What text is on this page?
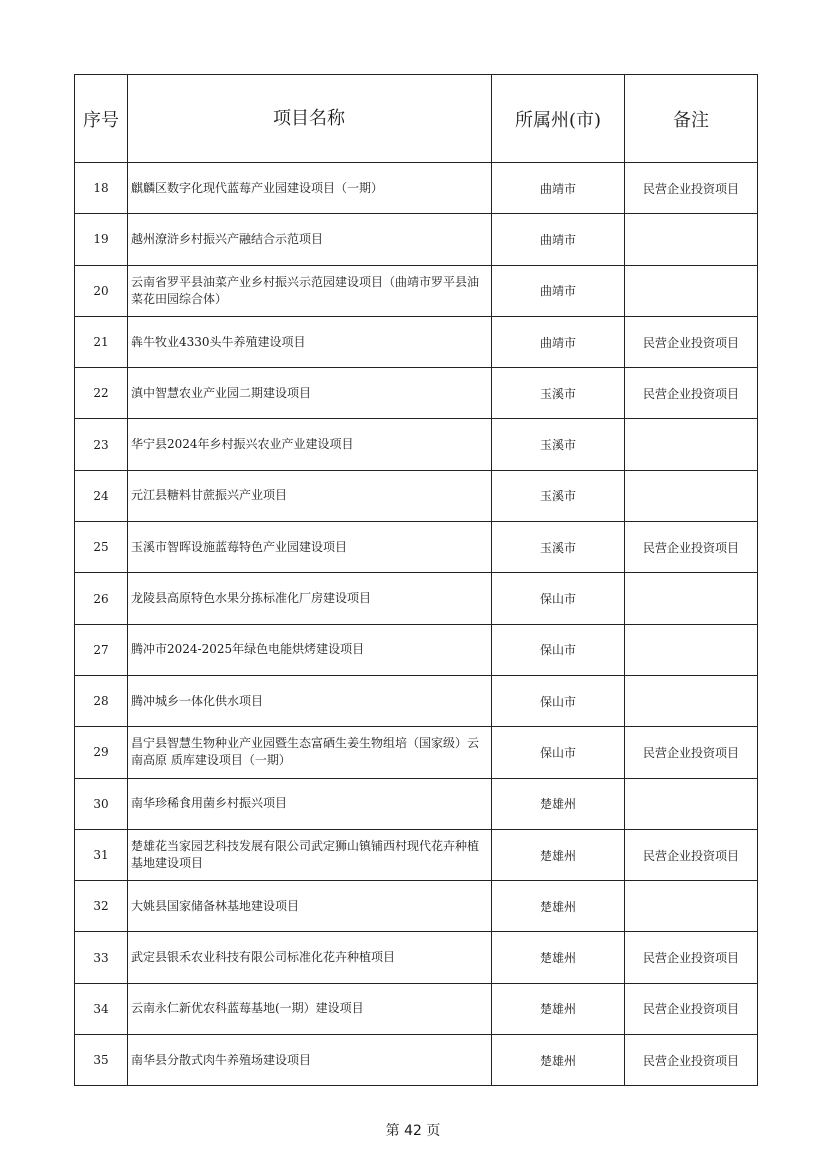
序号	项目名称	所属州(市)	备注
18	麒麟区数字化现代蓝莓产业园建设项目（一期）	曲靖市	民营企业投资项目
19	越州潦浒乡村振兴产融结合示范项目	曲靖市	
20	云南省罗平县油菜产业乡村振兴示范园建设项目（曲靖市罗平县油菜花田园综合体）	曲靖市	
21	犇牛牧业4330头牛养殖建设项目	曲靖市	民营企业投资项目
22	滇中智慧农业产业园二期建设项目	玉溪市	民营企业投资项目
23	华宁县2024年乡村振兴农业产业建设项目	玉溪市	
24	元江县糖料甘蔗振兴产业项目	玉溪市	
25	玉溪市智晖设施蓝莓特色产业园建设项目	玉溪市	民营企业投资项目
26	龙陵县高原特色水果分拣标准化厂房建设项目	保山市	
27	腾冲市2024-2025年绿色电能烘烤建设项目	保山市	
28	腾冲城乡一体化供水项目	保山市	
29	昌宁县智慧生物种业产业园暨生态富硒生姜生物组培（国家级）云南高原 质库建设项目（一期）	保山市	民营企业投资项目
30	南华珍稀食用菌乡村振兴项目	楚雄州	
31	楚雄花当家园艺科技发展有限公司武定狮山镇铺西村现代花卉种植基地建设项目	楚雄州	民营企业投资项目
32	大姚县国家储备林基地建设项目	楚雄州	
33	武定县银禾农业科技有限公司标准化花卉种植项目	楚雄州	民营企业投资项目
34	云南永仁新优农科蓝莓基地(一期）建设项目	楚雄州	民营企业投资项目
35	南华县分散式肉牛养殖场建设项目	楚雄州	民营企业投资项目
第 42 页
